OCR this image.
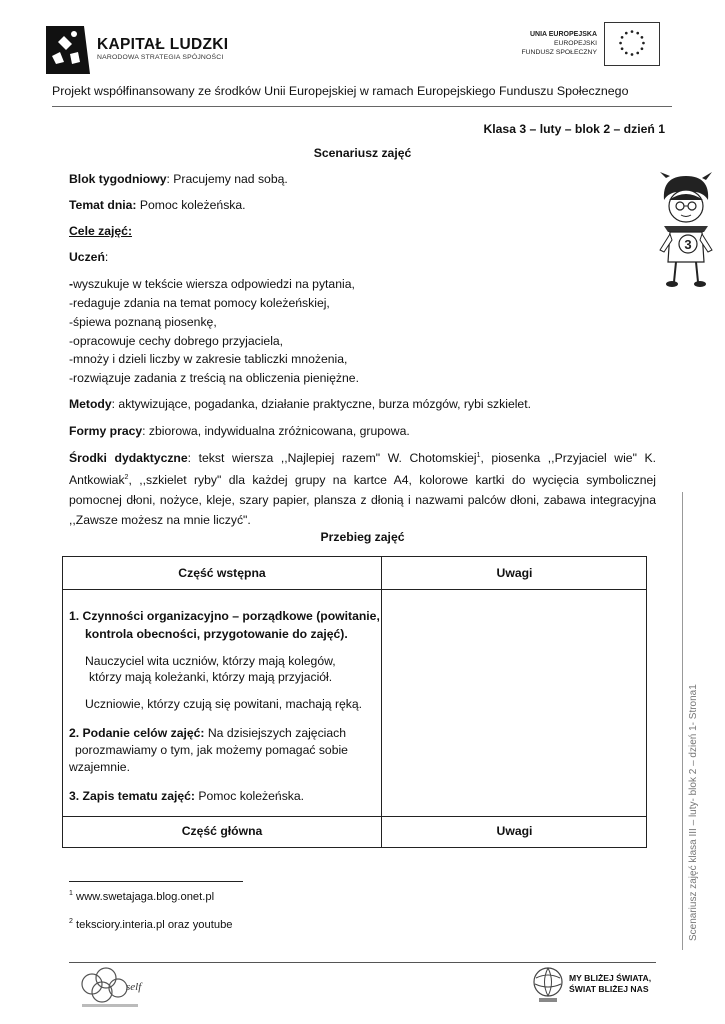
KAPITAŁ LUDZKI
NARODOWA STRATEGIA SPÓJNOŚCI
UNIA EUROPEJSKA
EUROPEJSKI
FUNDUSZ SPOŁECZNY
Projekt współfinansowany ze środków Unii Europejskiej w ramach Europejskiego Funduszu Społecznego
Klasa 3 – luty – blok 2 – dzień 1
Scenariusz zajęć
Blok tygodniowy: Pracujemy nad sobą.
Temat dnia: Pomoc koleżeńska.
Cele zajęć:
Uczeń:
-wyszukuje w tekście wiersza odpowiedzi na pytania,
-redaguje zdania na temat pomocy koleżeńskiej,
-śpiewa poznaną piosenkę,
-opracowuje cechy dobrego przyjaciela,
-mnoży i dzieli liczby w zakresie tabliczki mnożenia,
-rozwiązuje zadania z treścią na obliczenia pieniężne.
Metody: aktywizujące, pogadanka, działanie praktyczne, burza mózgów, rybi szkielet.
Formy pracy: zbiorowa, indywidualna zróżnicowana, grupowa.
Środki dydaktyczne: tekst wiersza ,,Najlepiej razem" W. Chotomskiej$^1$, piosenka ,,Przyjaciel wie" K. Antkowiak$^2$, ,,szkielet ryby" dla każdej grupy na kartce A4, kolorowe kartki do wycięcia symbolicznej pomocnej dłoni, nożyce, kleje, szary papier, plansza z dłonią i nazwami palców dłoni, zabawa integracyjna ,,Zawsze możesz na mnie liczyć".
Przebieg zajęć
Część wstępna	Uwagi
1. Czynności organizacyjno – porządkowe (powitanie,
kontrola obecności, przygotowanie do zajęć).
Nauczyciel wita uczniów, którzy mają kolegów,
którzy mają koleżanki, którzy mają przyjaciół.
Uczniowie, którzy czują się powitani, machają ręką.
2. Podanie celów zajęć: Na dzisiejszych zajęciach
porozmawiamy o tym, jak możemy pomagać sobie
wzajemnie.
3. Zapis tematu zajęć: Pomoc koleżeńska.
Część główna	Uwagi
$^1$ www.swetajaga.blog.onet.pl
$^2$ teksciory.interia.pl oraz youtube	Scenariusz zajęć klasa III – luty- blok 2 – dzień 1- Strona1
3
self
MY BLIŻEJ ŚWIATA,
ŚWIAT BLIŻEJ NAS
